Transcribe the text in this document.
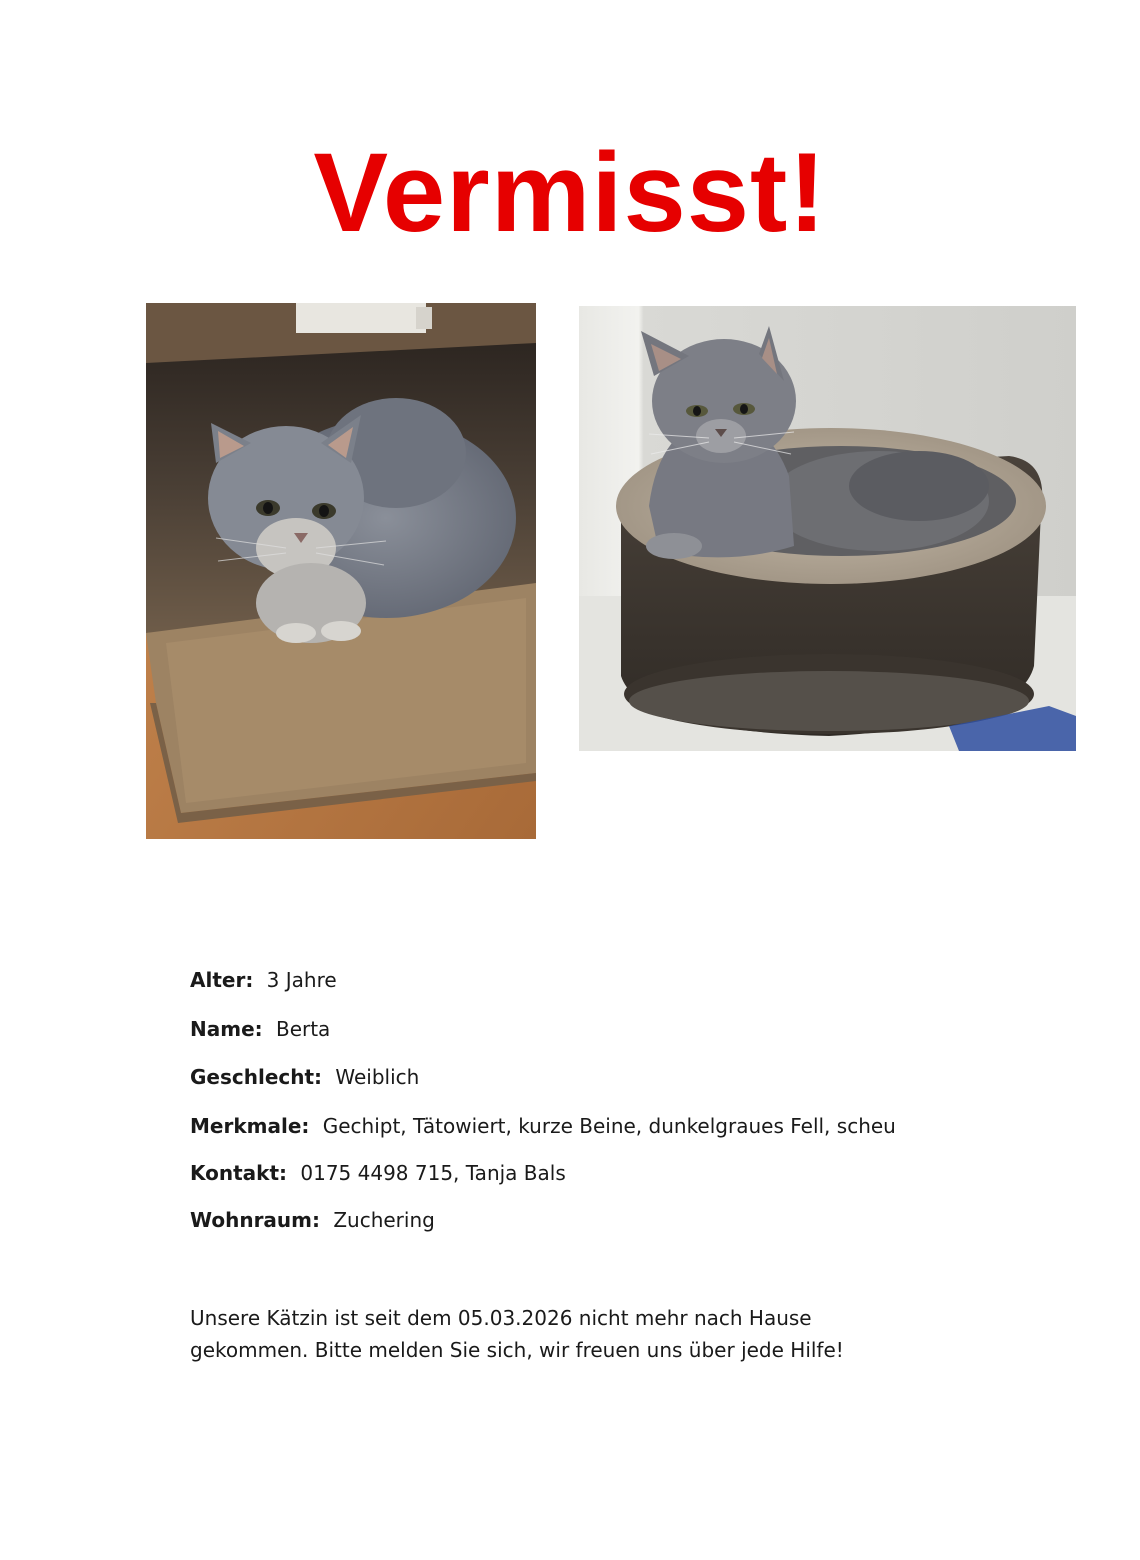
Vermisst!
Alter:  3 Jahre
Name:  Berta
Geschlecht:  Weiblich
Merkmale:  Gechipt, Tätowiert, kurze Beine, dunkelgraues Fell, scheu
Kontakt:  0175 4498 715, Tanja Bals
Wohnraum:  Zuchering
Unsere Kätzin ist seit dem 05.03.2026 nicht mehr nach Hause
gekommen. Bitte melden Sie sich, wir freuen uns über jede Hilfe!
